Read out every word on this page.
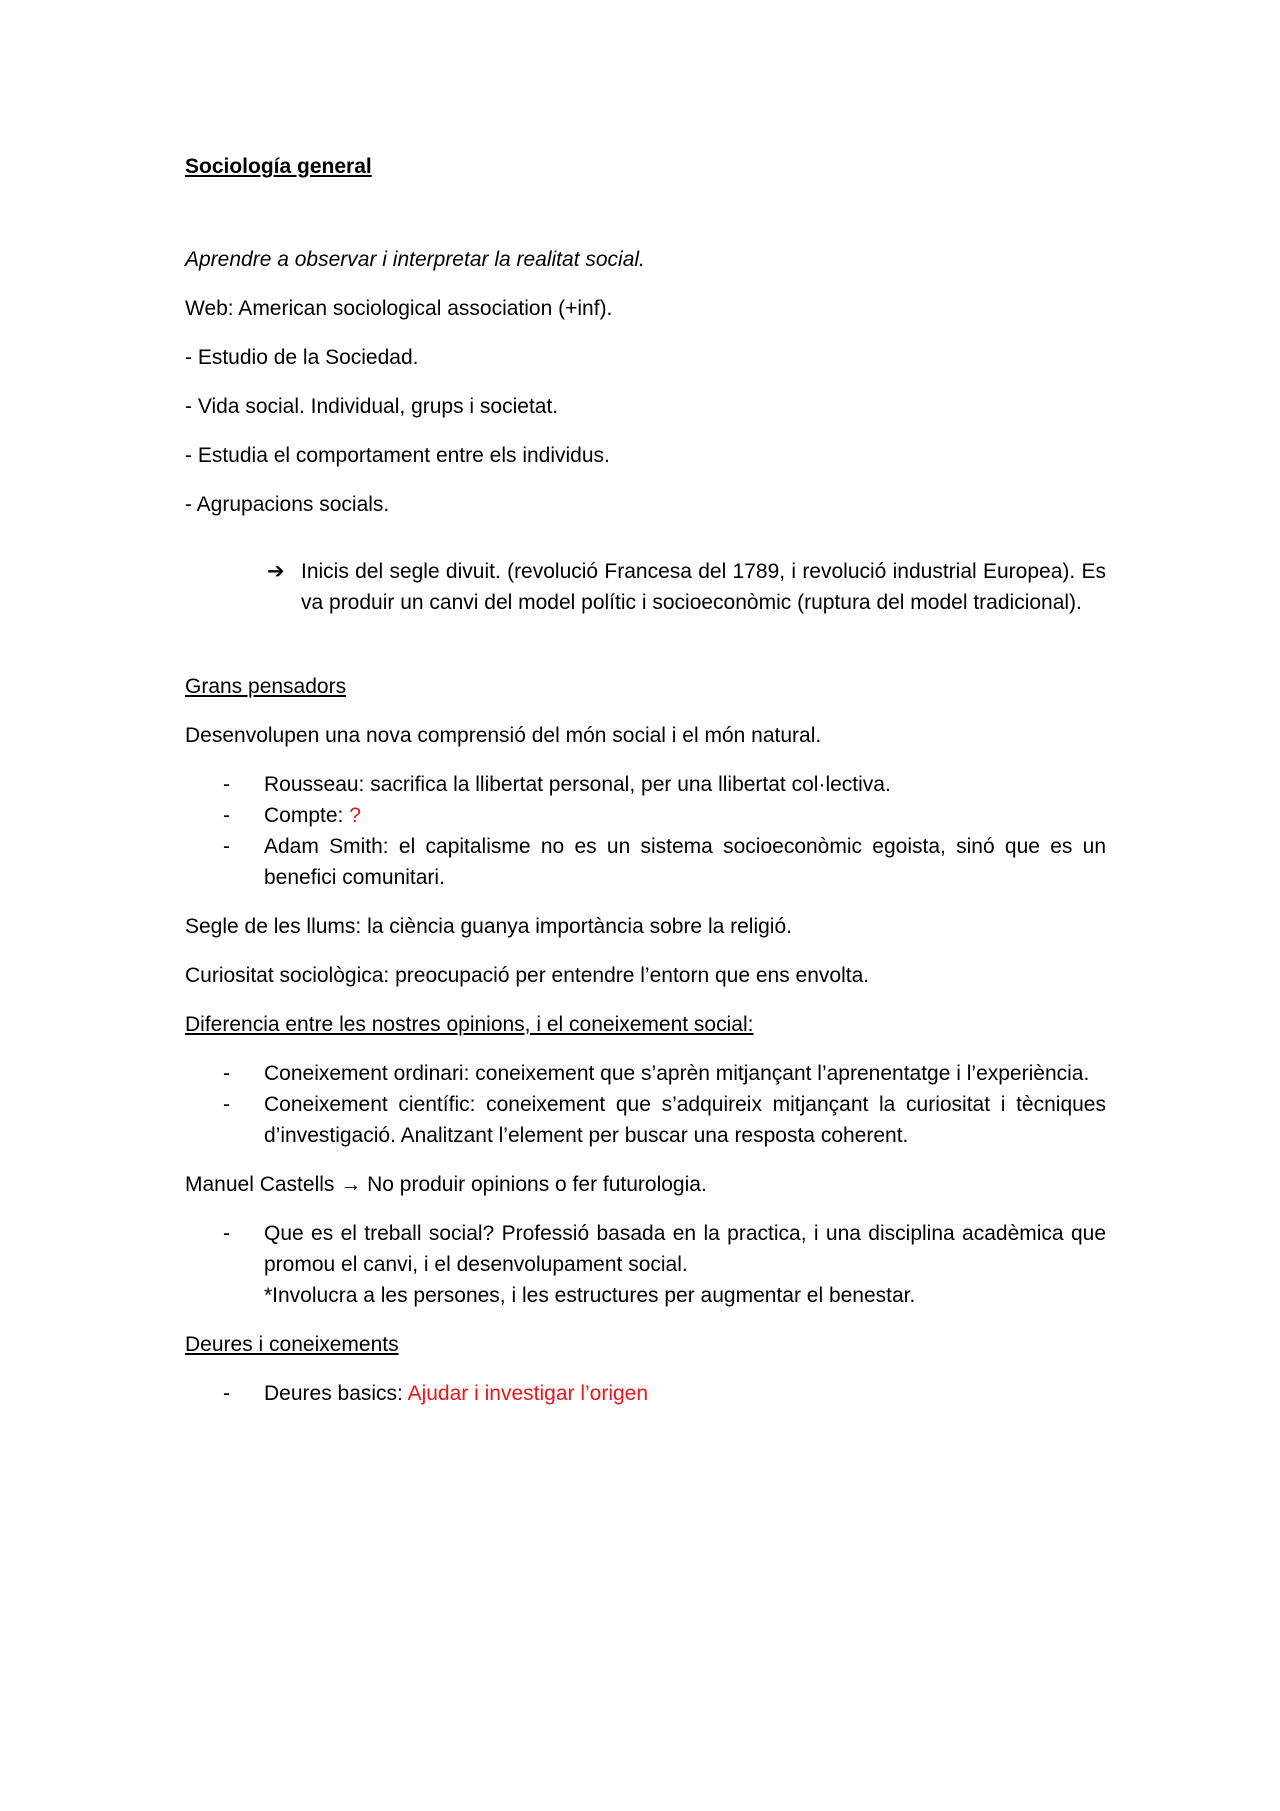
Sociología general

Aprendre a observar i interpretar la realitat social.

Web: American sociological association (+inf).

- Estudio de la Sociedad.

- Vida social. Individual, grups i societat.

- Estudia el comportament entre els individus.

- Agrupacions socials.

➔ Inicis del segle divuit. (revolució Francesa del 1789, i revolució industrial Europea). Es va produir un canvi del model polític i socioeconòmic (ruptura del model tradicional).

Grans pensadors

Desenvolupen una nova comprensió del món social i el món natural.

- Rousseau: sacrifica la llibertat personal, per una llibertat col·lectiva.
- Compte: ?
- Adam Smith: el capitalisme no es un sistema socioeconòmic egoista, sinó que es un benefici comunitari.

Segle de les llums: la ciència guanya importància sobre la religió.

Curiositat sociològica: preocupació per entendre l’entorn que ens envolta.

Diferencia entre les nostres opinions, i el coneixement social:

- Coneixement ordinari: coneixement que s’aprèn mitjançant l’aprenentatge i l’experiència.
- Coneixement científic: coneixement que s’adquireix mitjançant la curiositat i tècniques d’investigació. Analitzant l’element per buscar una resposta coherent.

Manuel Castells → No produir opinions o fer futurologia.

- Que es el treball social? Professió basada en la practica, i una disciplina acadèmica que promou el canvi, i el desenvolupament social.

*Involucra a les persones, i les estructures per augmentar el benestar.

Deures i coneixements

- Deures basics: Ajudar i investigar l’origen
